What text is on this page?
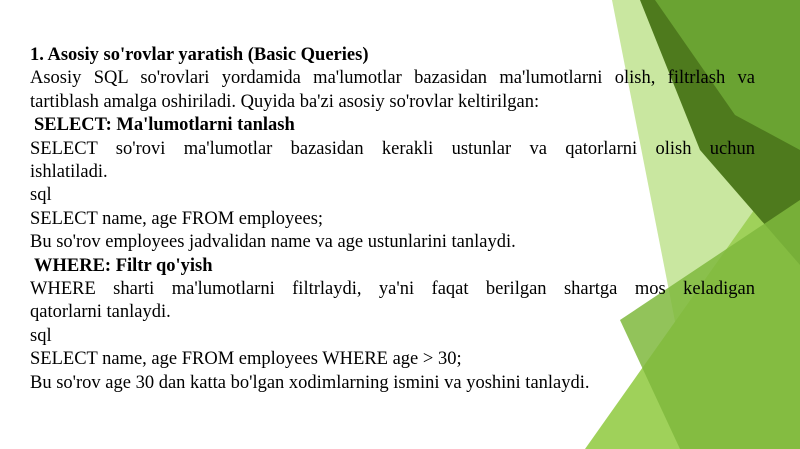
1. Asosiy so'rovlar yaratish (Basic Queries)
Asosiy SQL so'rovlari yordamida ma'lumotlar bazasidan ma'lumotlarni olish, filtrlash va
tartiblash amalga oshiriladi. Quyida ba'zi asosiy so'rovlar keltirilgan:
SELECT: Ma'lumotlarni tanlash
SELECT so'rovi ma'lumotlar bazasidan kerakli ustunlar va qatorlarni olish uchun
ishlatiladi.
sql
SELECT name, age FROM employees;
Bu so'rov employees jadvalidan name va age ustunlarini tanlaydi.
WHERE: Filtr qo'yish
WHERE sharti ma'lumotlarni filtrlaydi, ya'ni faqat berilgan shartga mos keladigan
qatorlarni tanlaydi.
sql
SELECT name, age FROM employees WHERE age > 30;
Bu so'rov age 30 dan katta bo'lgan xodimlarning ismini va yoshini tanlaydi.
